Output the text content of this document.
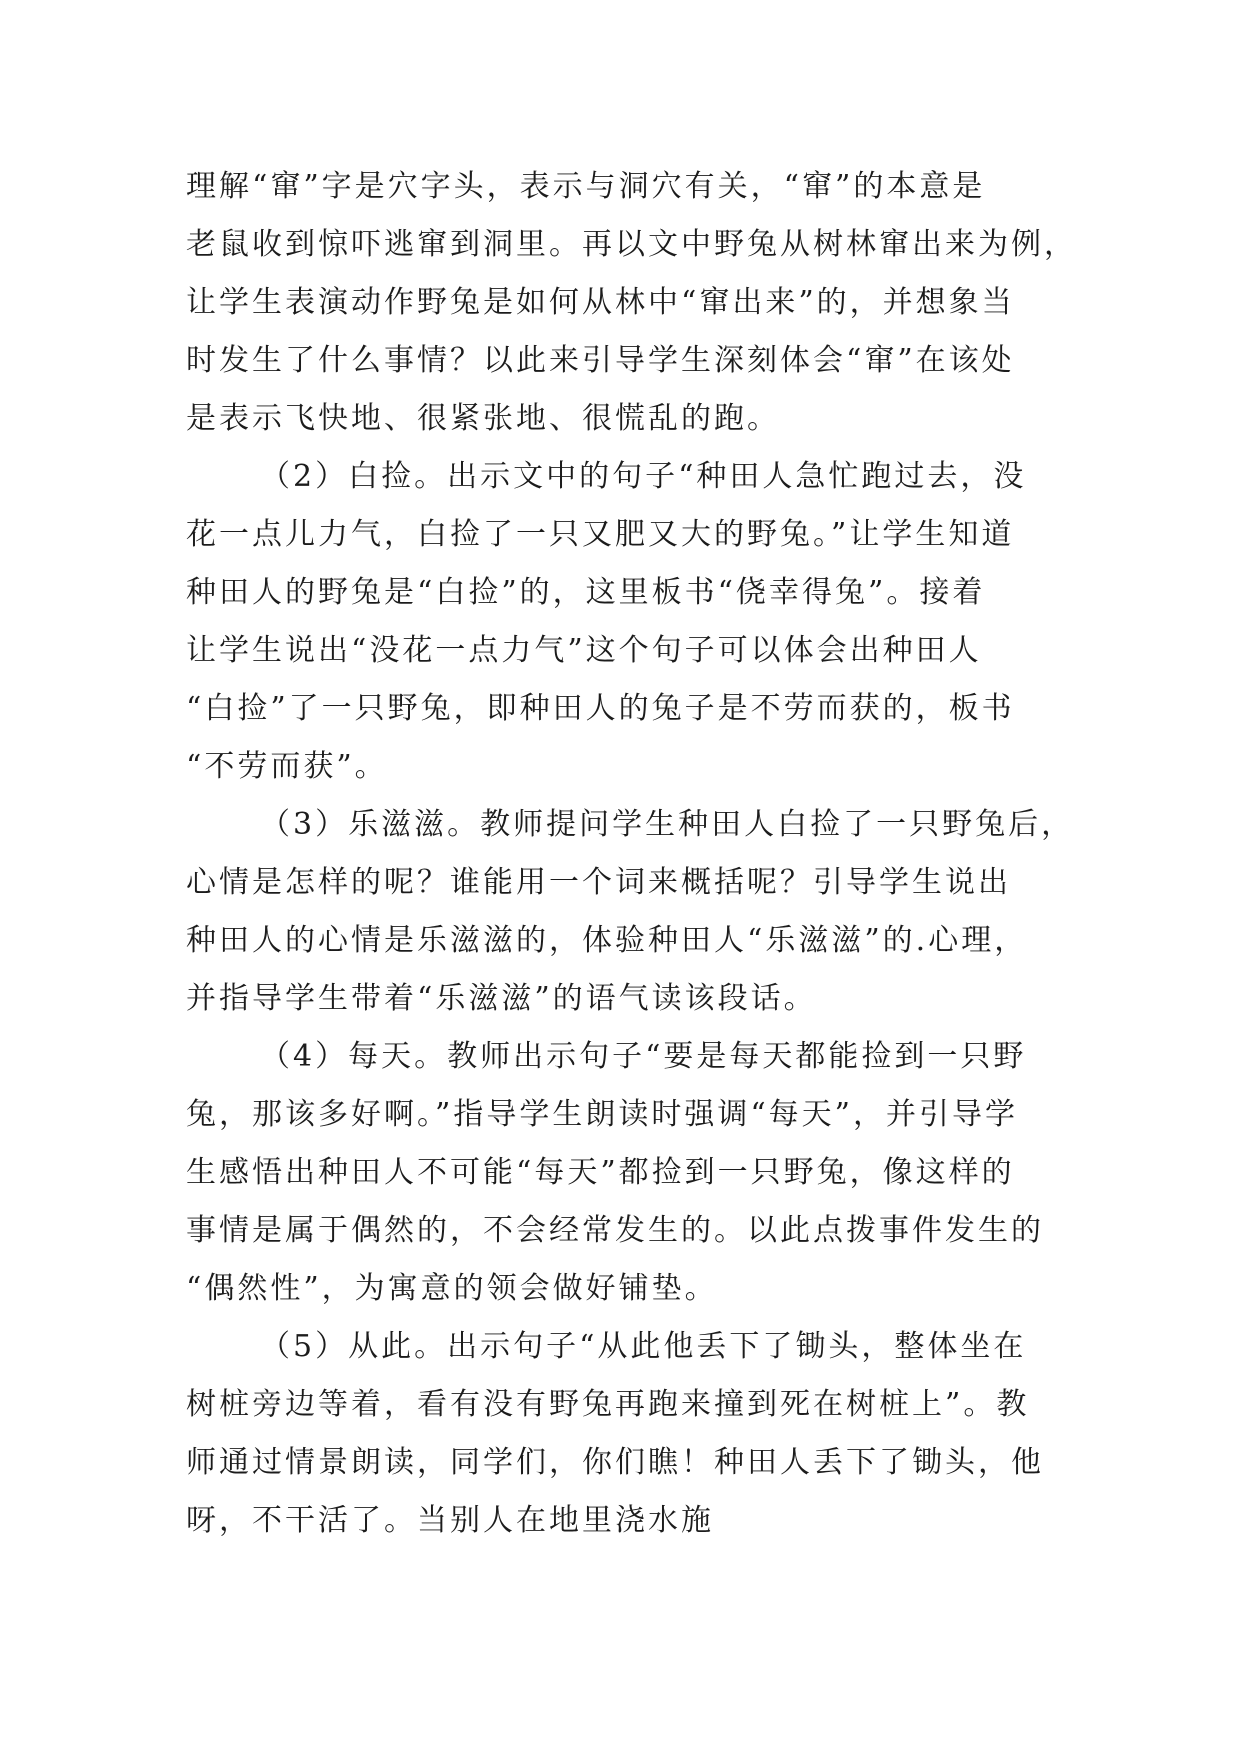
理解“窜”字是穴字头，表示与洞穴有关，“窜”的本意是
老鼠收到惊吓逃窜到洞里。再以文中野兔从树林窜出来为例，
让学生表演动作野兔是如何从林中“窜出来”的，并想象当
时发生了什么事情？以此来引导学生深刻体会“窜”在该处
是表示飞快地、很紧张地、很慌乱的跑。
（2）白捡。出示文中的句子“种田人急忙跑过去，没
花一点儿力气，白捡了一只又肥又大的野兔。”让学生知道
种田人的野兔是“白捡”的，这里板书“侥幸得兔”。接着
让学生说出“没花一点力气”这个句子可以体会出种田人
“白捡”了一只野兔，即种田人的兔子是不劳而获的，板书
“不劳而获”。
（3）乐滋滋。教师提问学生种田人白捡了一只野兔后，
心情是怎样的呢？谁能用一个词来概括呢？引导学生说出
种田人的心情是乐滋滋的，体验种田人“乐滋滋”的.心理，
并指导学生带着“乐滋滋”的语气读该段话。
（4）每天。教师出示句子“要是每天都能捡到一只野
兔，那该多好啊。”指导学生朗读时强调“每天”，并引导学
生感悟出种田人不可能“每天”都捡到一只野兔，像这样的
事情是属于偶然的，不会经常发生的。以此点拨事件发生的
“偶然性”，为寓意的领会做好铺垫。
（5）从此。出示句子“从此他丢下了锄头，整体坐在
树桩旁边等着，看有没有野兔再跑来撞到死在树桩上”。教
师通过情景朗读，同学们，你们瞧！种田人丢下了锄头，他
呀，不干活了。当别人在地里浇水施
